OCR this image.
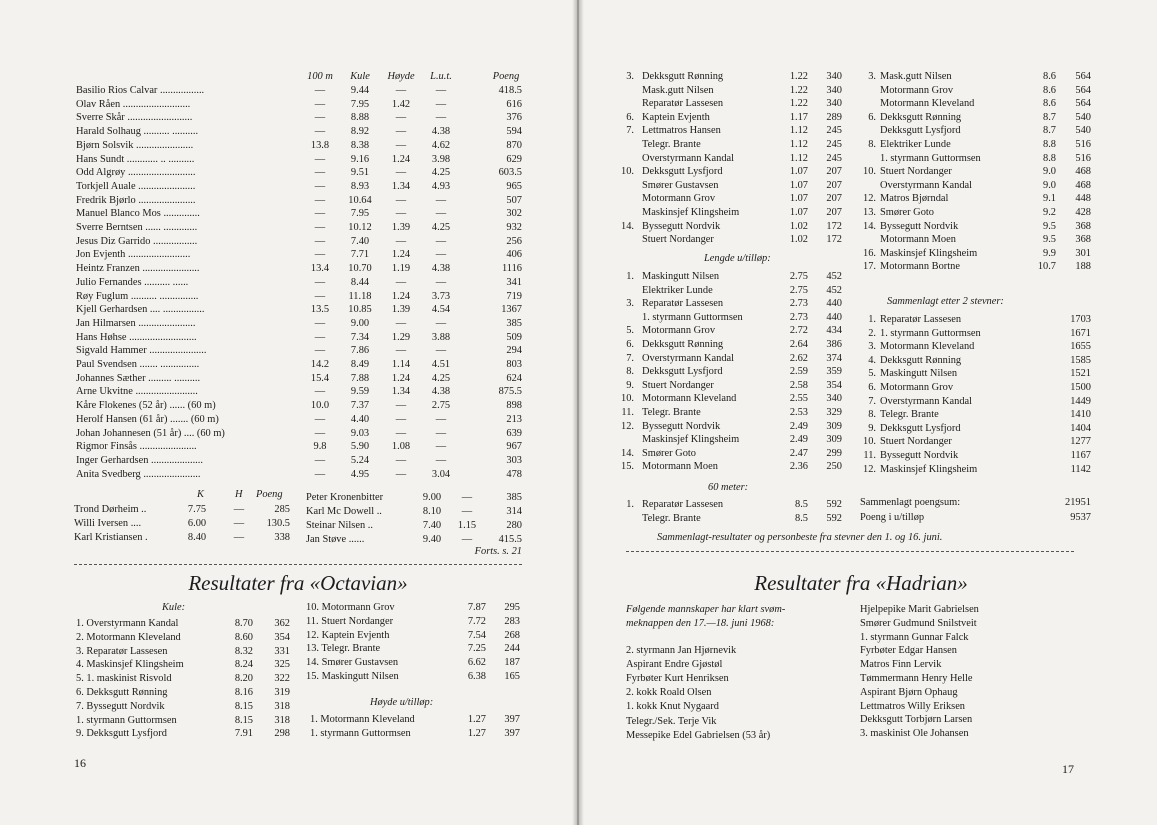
100 m	Kule	Høyde	L.u.t.	Poeng
Basilio Rios Calvar .................	—	9.44	—	—	418.5
Olav Råen ..........................	—	7.95	1.42	—	616
Sverre Skår .........................	—	8.88	—	—	376
Harald Solhaug .......... ..........	—	8.92	—	4.38	594
Bjørn Solsvik ......................	13.8	8.38	—	4.62	870
Hans Sundt ............ .. ..........	—	9.16	1.24	3.98	629
Odd Algrøy ..........................	—	9.51	—	4.25	603.5
Torkjell Auale ......................	—	8.93	1.34	4.93	965
Fredrik Bjørlo ......................	—	10.64	—	—	507
Manuel Blanco Mos ..............	—	7.95	—	—	302
Sverre Berntsen ...... .............	—	10.12	1.39	4.25	932
Jesus Diz Garrido .................	—	7.40	—	—	256
Jon Evjenth ........................	—	7.71	1.24	—	406
Heintz Franzen ......................	13.4	10.70	1.19	4.38	1116
Julio Fernandes .......... ......	—	8.44	—	—	341
Røy Fuglum .......... ...............	—	11.18	1.24	3.73	719
Kjell Gerhardsen .... ................	13.5	10.85	1.39	4.54	1367
Jan Hilmarsen ......................	—	9.00	—	—	385
Hans Høhse ..........................	—	7.34	1.29	3.88	509
Sigvald Hammer ......................	—	7.86	—	—	294
Paul Svendsen ....... ...............	14.2	8.49	1.14	4.51	803
Johannes Sæther ......... ..........	15.4	7.88	1.24	4.25	624
Arne Ukvitne ........................	—	9.59	1.34	4.38	875.5
Kåre Flokenes (52 år) ...... (60 m)	10.0	7.37	—	2.75	898
Herolf Hansen (61 år) ....... (60 m)	—	4.40	—	—	213
Johan Johannesen (51 år) .... (60 m)	—	9.03	—	—	639
Rigmor Finsås ......................	9.8	5.90	1.08	—	967
Inger Gerhardsen ....................	—	5.24	—	—	303
Anita Svedberg ......................	—	4.95	—	3.04	478
K	H Poeng
Trond Dørheim ..	7.75	—	285
Willi Iversen ....	6.00	—	130.5
Karl Kristiansen .	8.40	—	338
Peter Kronenbitter	9.00	—	385
Karl Mc Dowell ..	8.10	—	314
Steinar Nilsen ..	7.40	1.15	280
Jan Støve ......	9.40	—	415.5
Forts. s. 21
Resultater fra «Octavian»
Kule:
1. Overstyrmann Kandal	8.70 362
2. Motormann Kleveland	8.60 354
3. Reparatør Lassesen	8.32 331
4. Maskinsjef Klingsheim	8.24 325
5. 1. maskinist Risvold	8.20 322
6. Dekksgutt Rønning	8.16 319
7. Byssegutt Nordvik	8.15 318
1. styrmann Guttormsen	8.15 318
9. Dekksgutt Lysfjord	7.91 298
10. Motormann Grov	7.87 295
11. Stuert Nordanger	7.72 283
12. Kaptein Evjenth	7.54 268
13. Telegr. Brante	7.25 244
14. Smører Gustavsen	6.62 187
15. Maskingutt Nilsen	6.38 165
Høyde u/tilløp:
1. Motormann Kleveland	1.27 397
1. styrmann Guttormsen	1.27 397
16
3. Dekksgutt Rønning	1.22 340
Mask.gutt Nilsen	1.22 340
Reparatør Lassesen	1.22 340
6. Kaptein Evjenth	1.17 289
7. Lettmatros Hansen	1.12 245
Telegr. Brante	1.12 245
Overstyrmann Kandal	1.12 245
10. Dekksgutt Lysfjord	1.07 207
Smører Gustavsen	1.07 207
Motormann Grov	1.07 207
Maskinsjef Klingsheim	1.07 207
14. Byssegutt Nordvik	1.02 172
Stuert Nordanger	1.02 172
Lengde u/tilløp:
1. Maskingutt Nilsen	2.75 452
Elektriker Lunde	2.75 452
3. Reparatør Lassesen	2.73 440
1. styrmann Guttormsen	2.73 440
5. Motormann Grov	2.72 434
6. Dekksgutt Rønning	2.64 386
7. Overstyrmann Kandal	2.62 374
8. Dekksgutt Lysfjord	2.59 359
9. Stuert Nordanger	2.58 354
10. Motormann Kleveland	2.55 340
11. Telegr. Brante	2.53 329
12. Byssegutt Nordvik	2.49 309
Maskinsjef Klingsheim	2.49 309
14. Smører Goto	2.47 299
15. Motormann Moen	2.36 250
60 meter:
1. Reparatør Lassesen	8.5 592
Telegr. Brante	8.5 592
3. Mask.gutt Nilsen	8.6 564
Motormann Grov	8.6 564
Motormann Kleveland	8.6 564
6. Dekksgutt Rønning	8.7 540
Dekksgutt Lysfjord	8.7 540
8. Elektriker Lunde	8.8 516
1. styrmann Guttormsen	8.8 516
10. Stuert Nordanger	9.0 468
Overstyrmann Kandal	9.0 468
12. Matros Bjørndal	9.1 448
13. Smører Goto	9.2 428
14. Byssegutt Nordvik	9.5 368
Motormann Moen	9.5 368
16. Maskinsjef Klingsheim	9.9 301
17. Motormann Bortne	10.7 188
Sammenlagt etter 2 stevner:
1. Reparatør Lassesen	1703
2. 1. styrmann Guttormsen	1671
3. Motormann Kleveland	1655
4. Dekksgutt Rønning	1585
5. Maskingutt Nilsen	1521
6. Motormann Grov	1500
7. Overstyrmann Kandal	1449
8. Telegr. Brante	1410
9. Dekksgutt Lysfjord	1404
10. Stuert Nordanger	1277
11. Byssegutt Nordvik	1167
12. Maskinsjef Klingsheim	1142
Sammenlagt poengsum:	21951
Poeng i u/tilløp	9537
Sammenlagt-resultater og personbeste fra stevner den 1. og 16. juni.
Resultater fra «Hadrian»
Følgende mannskaper har klart svøm-
meknappen den 17.—18. juni 1968:
2. styrmann Jan Hjørnevik
Aspirant Endre Gjøstøl
Fyrbøter Kurt Henriksen
2. kokk Roald Olsen
1. kokk Knut Nygaard
Telegr./Sek. Terje Vik
Messepike Edel Gabrielsen (53 år)
Hjelpepike Marit Gabrielsen
Smører Gudmund Snilstveit
1. styrmann Gunnar Falck
Fyrbøter Edgar Hansen
Matros Finn Lervik
Tømmermann Henry Helle
Aspirant Bjørn Ophaug
Lettmatros Willy Eriksen
Dekksgutt Torbjørn Larsen
3. maskinist Ole Johansen
17
